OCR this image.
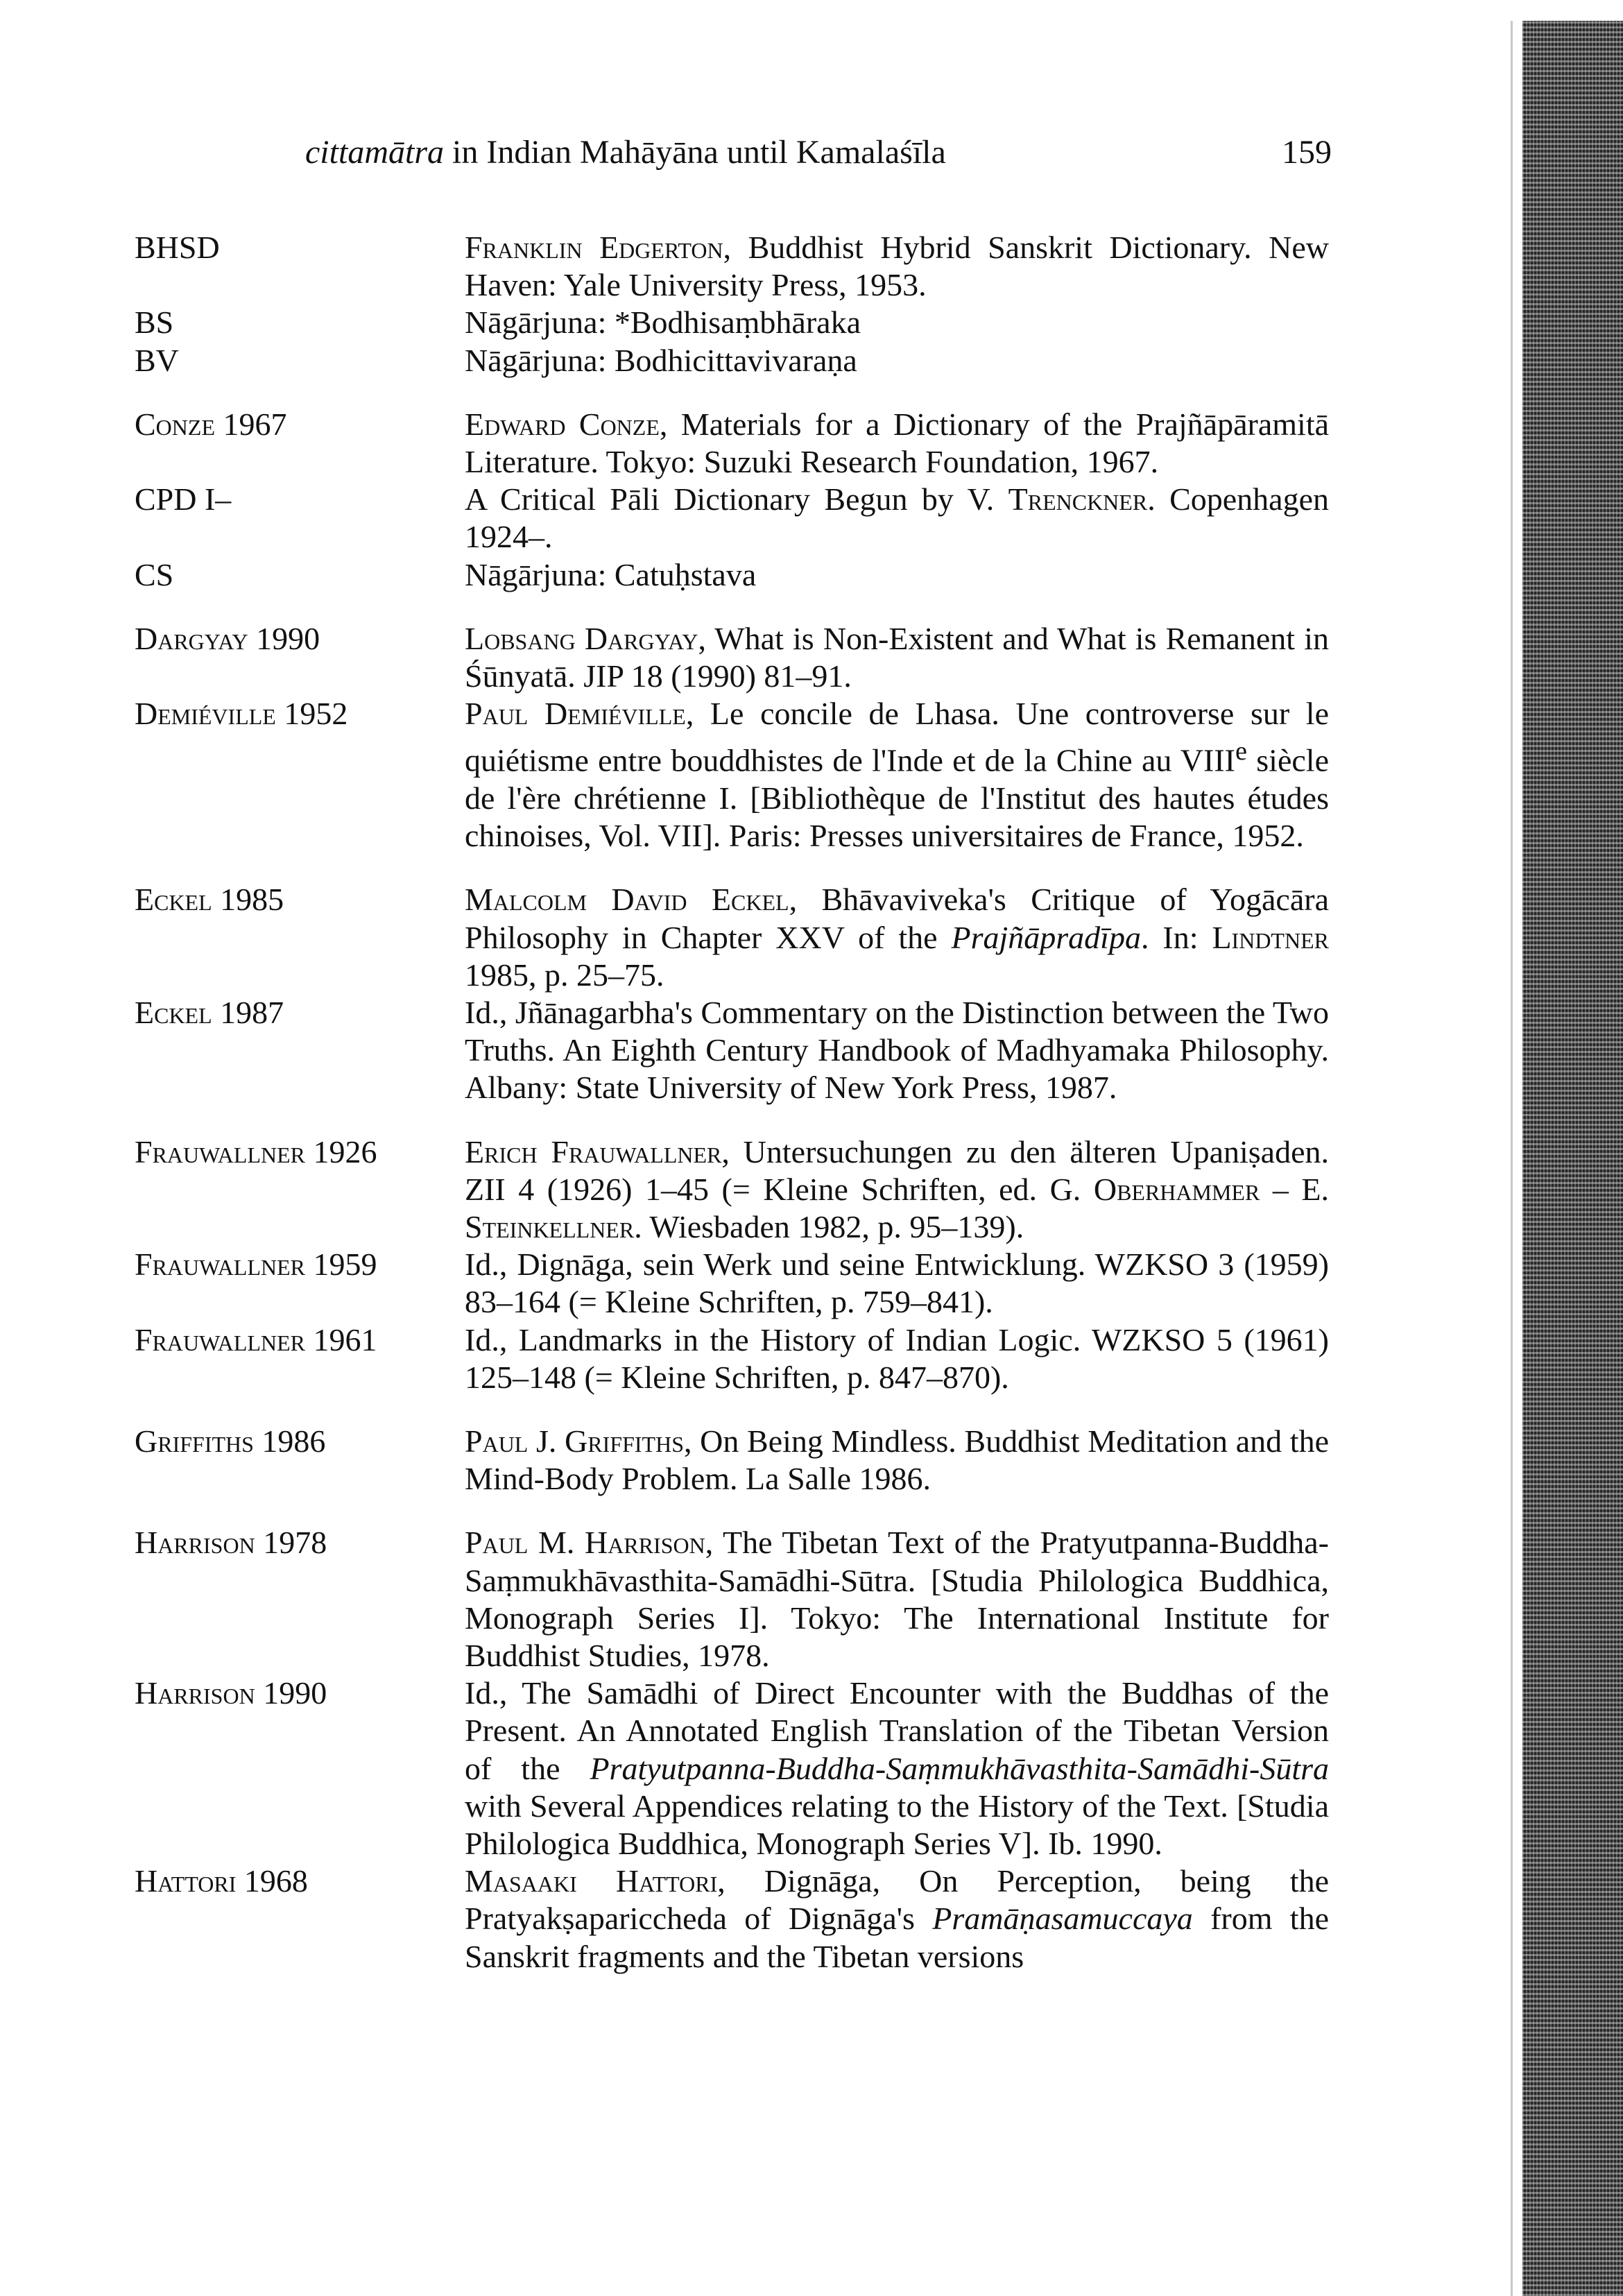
cittamātra in Indian Mahāyāna until Kamalaśīla	159
BHSD	Franklin Edgerton, Buddhist Hybrid Sanskrit Dictionary. New Haven: Yale University Press, 1953.
BS	Nāgārjuna: *Bodhisaṃbhāraka
BV	Nāgārjuna: Bodhicittavivaraṇa
Conze 1967	Edward Conze, Materials for a Dictionary of the Prajñāpāramitā Literature. Tokyo: Suzuki Research Foundation, 1967.
CPD I–	A Critical Pāli Dictionary Begun by V. Trenckner. Copenhagen 1924–.
CS	Nāgārjuna: Catuḥstava
Dargyay 1990	Lobsang Dargyay, What is Non-Existent and What is Remanent in Śūnyatā. JIP 18 (1990) 81–91.
Demiéville 1952	Paul Demiéville, Le concile de Lhasa. Une controverse sur le quiétisme entre bouddhistes de l'Inde et de la Chine au VIIIe siècle de l'ère chrétienne I. [Bibliothèque de l'Institut des hautes études chinoises, Vol. VII]. Paris: Presses universitaires de France, 1952.
Eckel 1985	Malcolm David Eckel, Bhāvaviveka's Critique of Yogācāra Philosophy in Chapter XXV of the Prajñāpradīpa. In: Lindtner 1985, p. 25–75.
Eckel 1987	Id., Jñānagarbha's Commentary on the Distinction between the Two Truths. An Eighth Century Handbook of Madhyamaka Philosophy. Albany: State University of New York Press, 1987.
Frauwallner 1926	Erich Frauwallner, Untersuchungen zu den älteren Upaniṣaden. ZII 4 (1926) 1–45 (= Kleine Schriften, ed. G. Oberhammer – E. Steinkellner. Wiesbaden 1982, p. 95–139).
Frauwallner 1959	Id., Dignāga, sein Werk und seine Entwicklung. WZKSO 3 (1959) 83–164 (= Kleine Schriften, p. 759–841).
Frauwallner 1961	Id., Landmarks in the History of Indian Logic. WZKSO 5 (1961) 125–148 (= Kleine Schriften, p. 847–870).
Griffiths 1986	Paul J. Griffiths, On Being Mindless. Buddhist Meditation and the Mind-Body Problem. La Salle 1986.
Harrison 1978	Paul M. Harrison, The Tibetan Text of the Pratyutpanna-Buddha-Saṃmukhāvasthita-Samādhi-Sūtra. [Studia Philologica Buddhica, Monograph Series I]. Tokyo: The International Institute for Buddhist Studies, 1978.
Harrison 1990	Id., The Samādhi of Direct Encounter with the Buddhas of the Present. An Annotated English Translation of the Tibetan Version of the Pratyutpanna-Buddha-Saṃmukhāvasthita-Samādhi-Sūtra with Several Appendices relating to the History of the Text. [Studia Philologica Buddhica, Monograph Series V]. Ib. 1990.
Hattori 1968	Masaaki Hattori, Dignāga, On Perception, being the Pratyakṣapariccheda of Dignāga's Pramāṇasamuccaya from the Sanskrit fragments and the Tibetan versions
